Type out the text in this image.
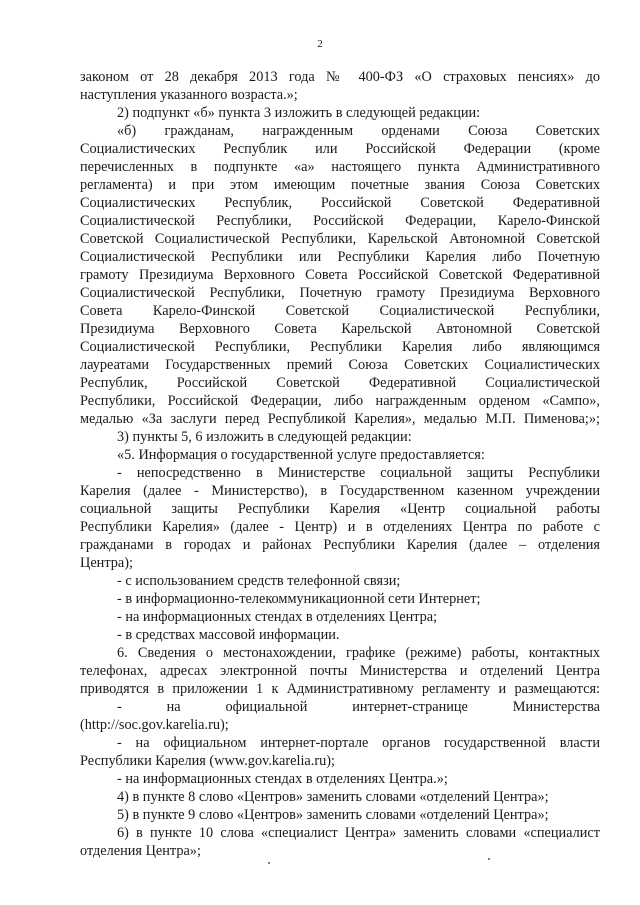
2
законом от 28 декабря 2013 года № 400-ФЗ «О страховых пенсиях» до
наступления указанного возраста.»;
2) подпункт «б» пункта 3 изложить в следующей редакции:
«б) гражданам, награжденным орденами Союза Советских
Социалистических Республик или Российской Федерации (кроме
перечисленных в подпункте «а» настоящего пункта Административного
регламента) и при этом имеющим почетные звания Союза Советских
Социалистических Республик, Российской Советской Федеративной
Социалистической Республики, Российской Федерации, Карело-Финской
Советской Социалистической Республики, Карельской Автономной Советской
Социалистической Республики или Республики Карелия либо Почетную
грамоту Президиума Верховного Совета Российской Советской Федеративной
Социалистической Республики, Почетную грамоту Президиума Верховного
Совета Карело-Финской Советской Социалистической Республики,
Президиума Верховного Совета Карельской Автономной Советской
Социалистической Республики, Республики Карелия либо являющимся
лауреатами Государственных премий Союза Советских Социалистических
Республик, Российской Советской Федеративной Социалистической
Республики, Российской Федерации, либо награжденным орденом «Сампо»,
медалью «За заслуги перед Республикой Карелия», медалью М.П. Пименова;»;
3) пункты 5, 6 изложить в следующей редакции:
«5. Информация о государственной услуге предоставляется:
- непосредственно в Министерстве социальной защиты Республики
Карелия (далее - Министерство), в Государственном казенном учреждении
социальной защиты Республики Карелия «Центр социальной работы
Республики Карелия» (далее - Центр) и в отделениях Центра по работе с
гражданами в городах и районах Республики Карелия (далее – отделения
Центра);
- с использованием средств телефонной связи;
- в информационно-телекоммуникационной сети Интернет;
- на информационных стендах в отделениях Центра;
- в средствах массовой информации.
6. Сведения о местонахождении, графике (режиме) работы, контактных
телефонах, адресах электронной почты Министерства и отделений Центра
приводятся в приложении 1 к Административному регламенту и размещаются:
- на официальной интернет-странице Министерства
(http://soc.gov.karelia.ru);
- на официальном интернет-портале органов государственной власти
Республики Карелия (www.gov.karelia.ru);
- на информационных стендах в отделениях Центра.»;
4) в пункте 8 слово «Центров» заменить словами «отделений Центра»;
5) в пункте 9 слово «Центров» заменить словами «отделений Центра»;
6) в пункте 10 слова «специалист Центра» заменить словами «специалист
отделения Центра»;
